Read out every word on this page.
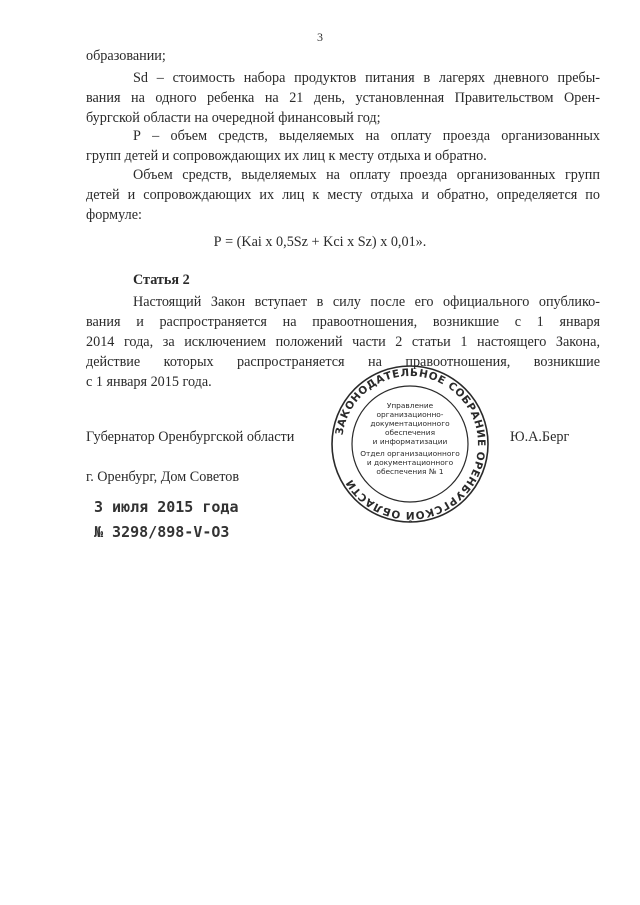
3
образовании;
Sd – стоимость набора продуктов питания в лагерях дневного пребы-
вания на одного ребенка на 21 день, установленная Правительством Орен-
бургской области на очередной финансовый год;
Р – объем средств, выделяемых на оплату проезда организованных
групп детей и сопровождающих их лиц к месту отдыха и обратно.
Объем средств, выделяемых на оплату проезда организованных групп
детей и сопровождающих их лиц к месту отдыха и обратно, определяется по
формуле:
Р = (Kai x 0,5Sz + Kci x Sz) x 0,01».
Статья 2
Настоящий Закон вступает в силу после его официального опублико-
вания и распространяется на правоотношения, возникшие с 1 января
2014 года, за исключением положений части 2 статьи 1 настоящего Закона,
действие которых распространяется на правоотношения, возникшие
с 1 января 2015 года.
ЗАКОНОДАТЕЛЬНОЕ СОБРАНИЕ ОРЕНБУРГСКОЙ ОБЛАСТИ
Управление
организационно-
документационного
обеспечения
и информатизации
Отдел организационного
и документационного
обеспечения № 1
Губернатор Оренбургской области	Ю.А.Берг
г. Оренбург, Дом Советов
3 июля 2015 года
№ 3298/898-V-ОЗ
